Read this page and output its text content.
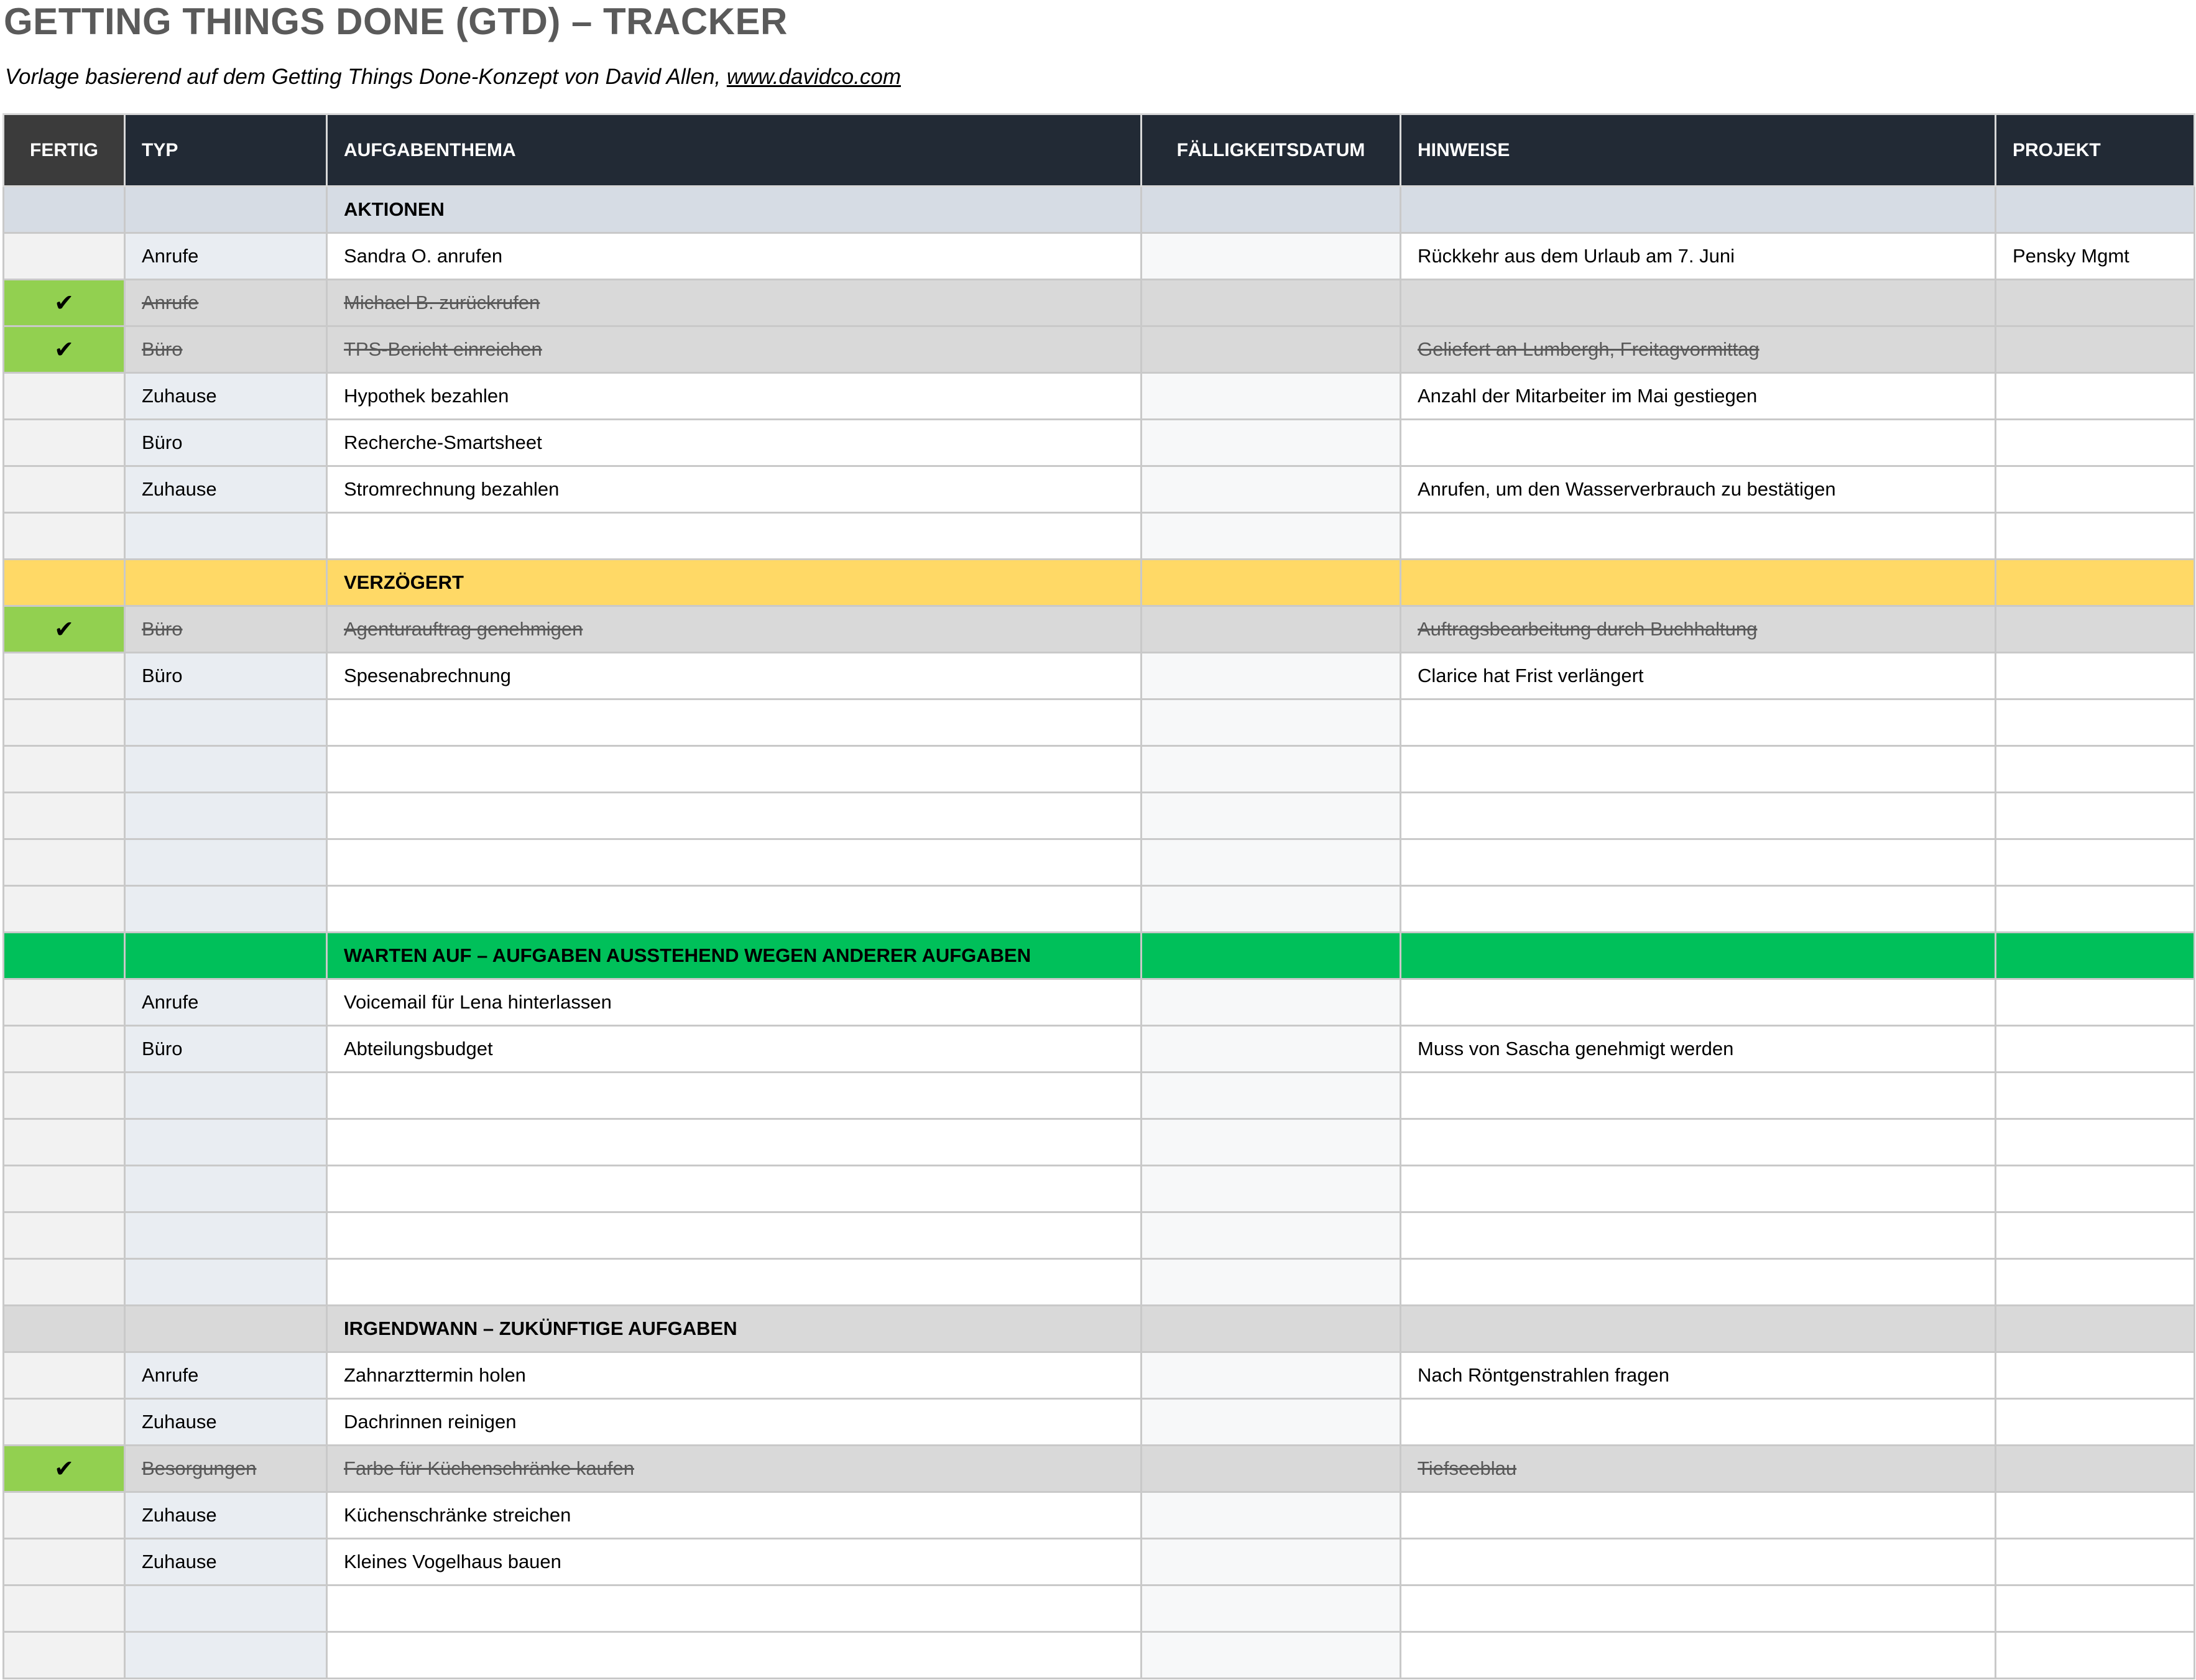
GETTING THINGS DONE (GTD) – TRACKER
Vorlage basierend auf dem Getting Things Done-Konzept von David Allen, www.davidco.com
FERTIG	TYP	AUFGABENTHEMA	FÄLLIGKEITSDATUM	HINWEISE	PROJEKT
		AKTIONEN			
	Anrufe	Sandra O. anrufen		Rückkehr aus dem Urlaub am 7. Juni	Pensky Mgmt
✔	Anrufe	Michael B. zurückrufen			
✔	Büro	TPS-Bericht einreichen		Geliefert an Lumbergh, Freitagvormittag	
	Zuhause	Hypothek bezahlen		Anzahl der Mitarbeiter im Mai gestiegen	
	Büro	Recherche-Smartsheet			
	Zuhause	Stromrechnung bezahlen		Anrufen, um den Wasserverbrauch zu bestätigen	

		VERZÖGERT			
✔	Büro	Agenturauftrag genehmigen		Auftragsbearbeitung durch Buchhaltung	
	Büro	Spesenabrechnung		Clarice hat Frist verlängert	

		WARTEN AUF – AUFGABEN AUSSTEHEND WEGEN ANDERER AUFGABEN			
	Anrufe	Voicemail für Lena hinterlassen			
	Büro	Abteilungsbudget		Muss von Sascha genehmigt werden	

		IRGENDWANN – ZUKÜNFTIGE AUFGABEN			
	Anrufe	Zahnarzttermin holen		Nach Röntgenstrahlen fragen	
	Zuhause	Dachrinnen reinigen			
✔	Besorgungen	Farbe für Küchenschränke kaufen		Tiefseeblau	
	Zuhause	Küchenschränke streichen			
	Zuhause	Kleines Vogelhaus bauen			
